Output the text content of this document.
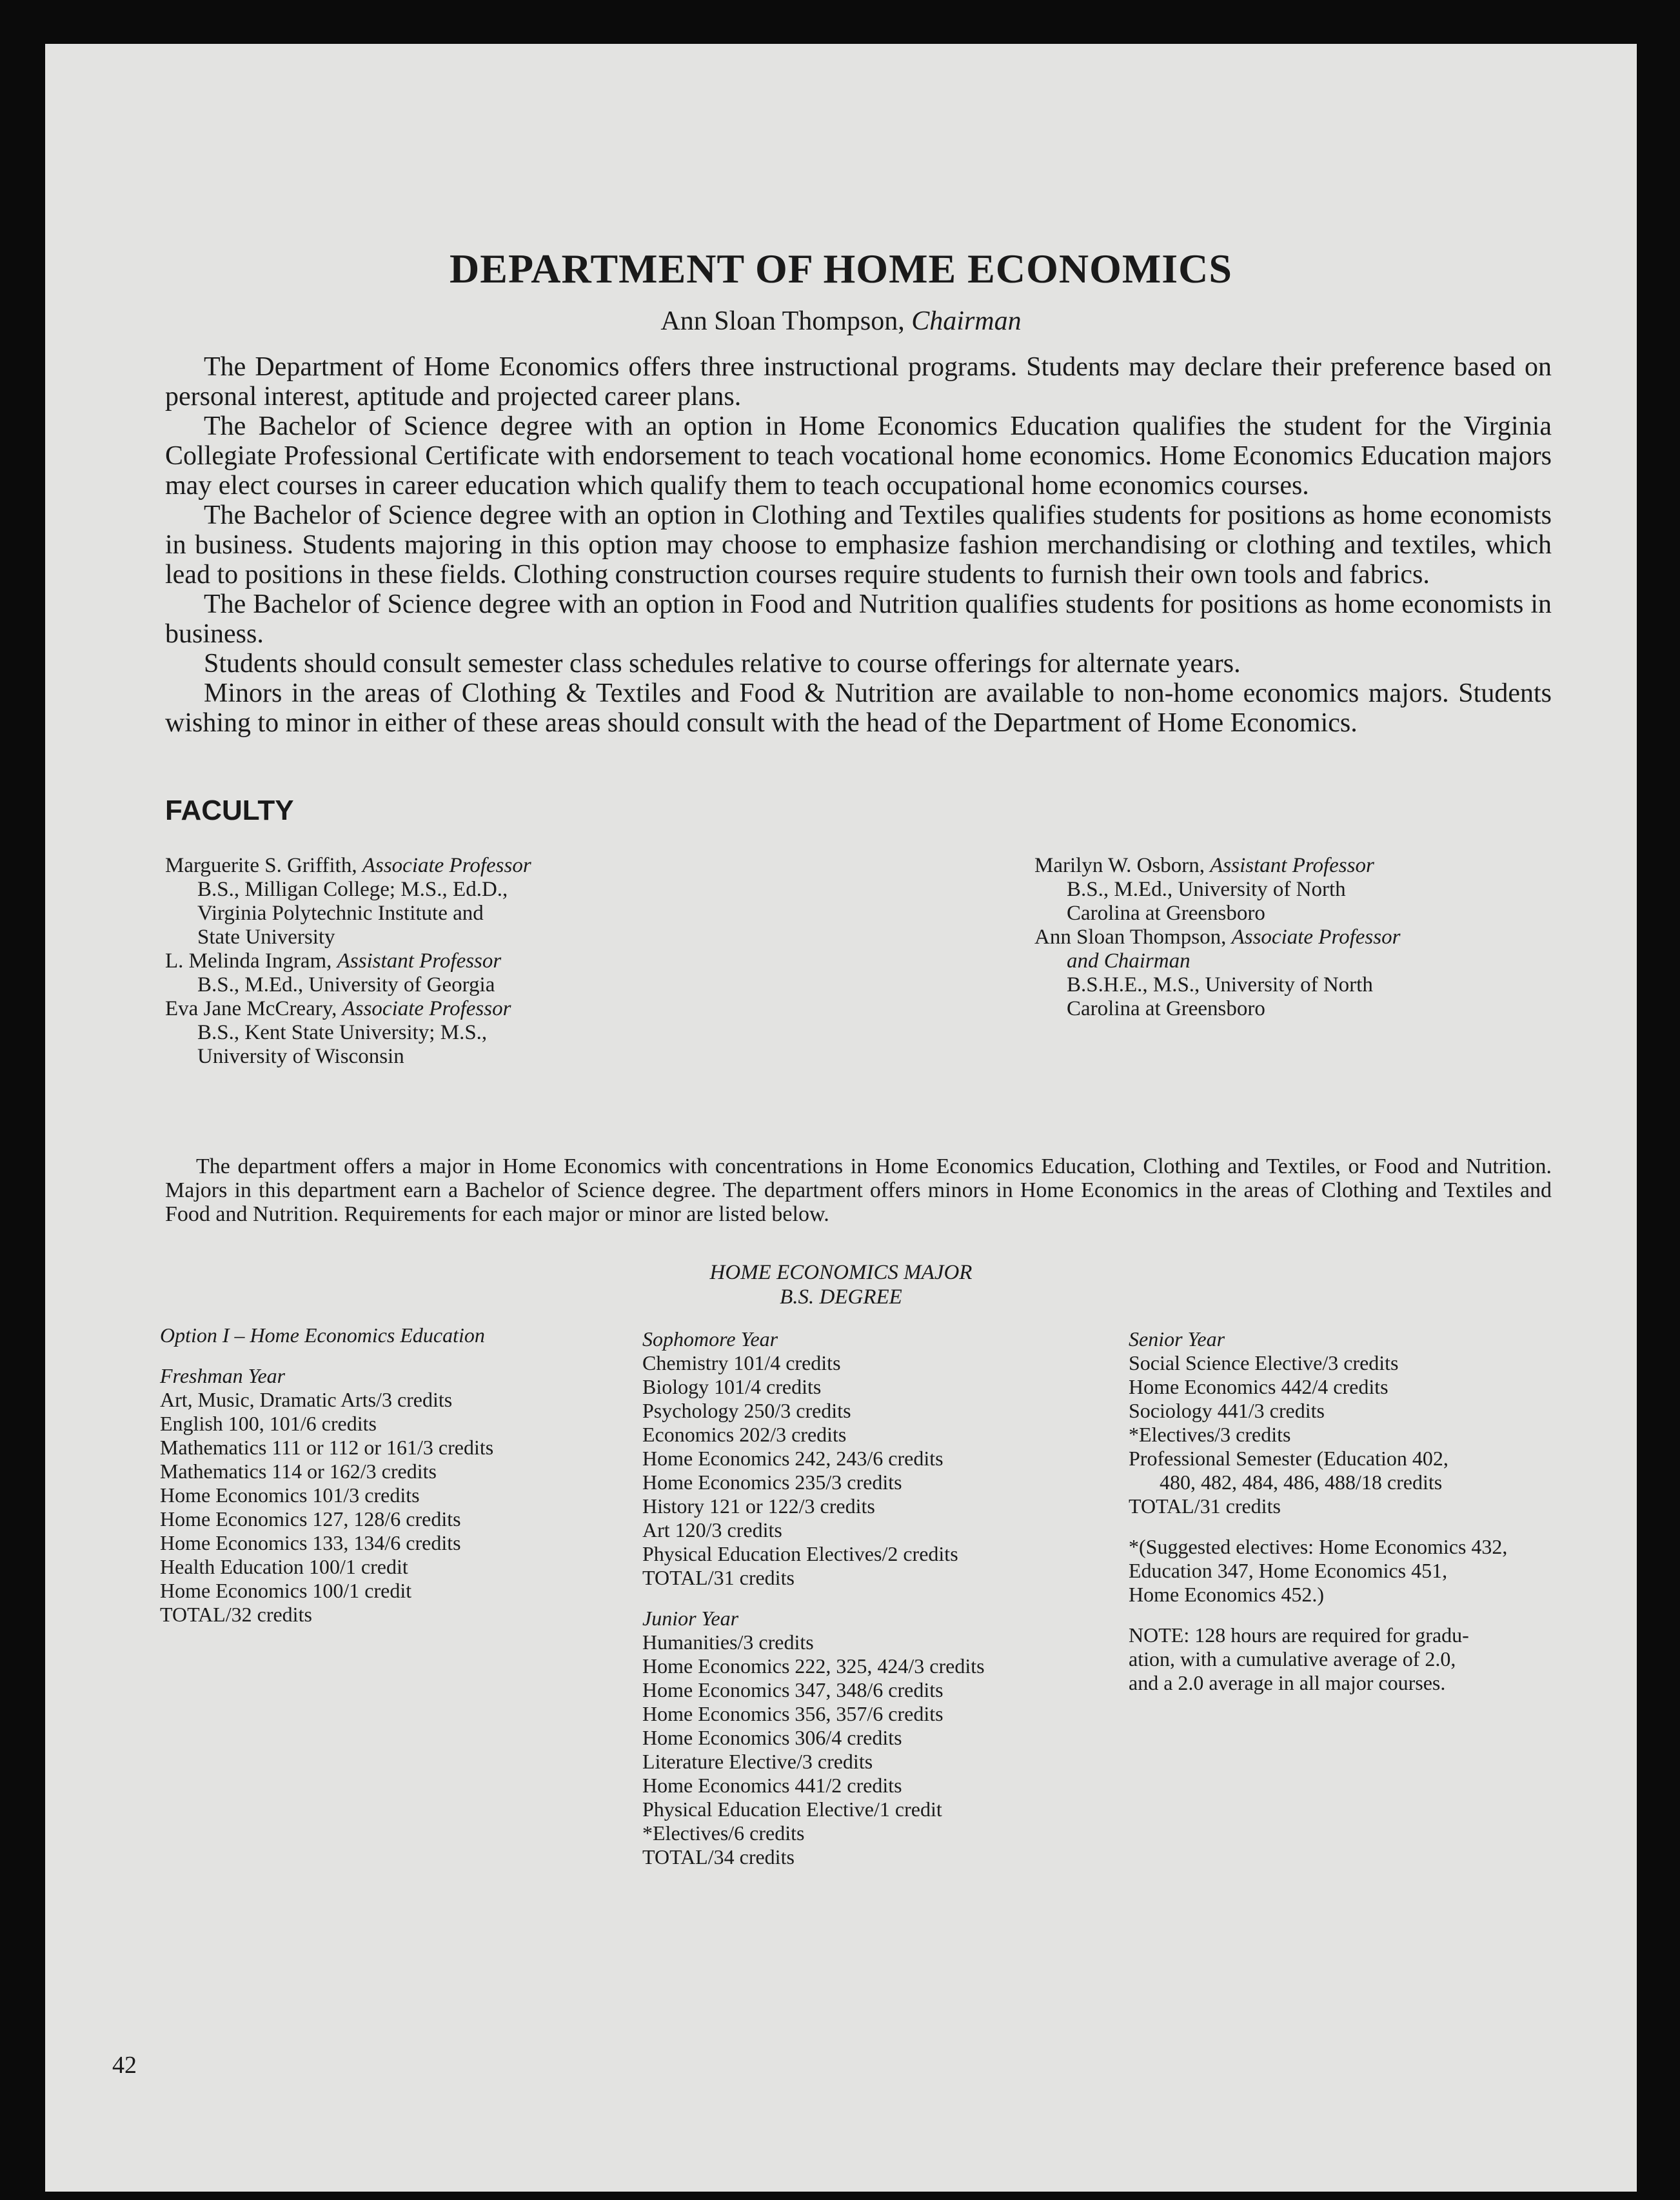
DEPARTMENT OF HOME ECONOMICS
Ann Sloan Thompson, Chairman

The Department of Home Economics offers three instructional programs. Students may declare their preference based on personal interest, aptitude and projected career plans.

The Bachelor of Science degree with an option in Home Economics Education qualifies the student for the Virginia Collegiate Professional Certificate with endorsement to teach vocational home economics. Home Economics Education majors may elect courses in career education which qualify them to teach occupational home economics courses.

The Bachelor of Science degree with an option in Clothing and Textiles qualifies students for positions as home economists in business. Students majoring in this option may choose to emphasize fashion merchandising or clothing and textiles, which lead to positions in these fields. Clothing construction courses require students to furnish their own tools and fabrics.

The Bachelor of Science degree with an option in Food and Nutrition qualifies students for positions as home economists in business.

Students should consult semester class schedules relative to course offerings for alternate years.

Minors in the areas of Clothing & Textiles and Food & Nutrition are available to non-home economics majors. Students wishing to minor in either of these areas should consult with the head of the Department of Home Economics.

FACULTY
Marguerite S. Griffith, Associate Professor
B.S., Milligan College; M.S., Ed.D.,
Virginia Polytechnic Institute and
State University
L. Melinda Ingram, Assistant Professor
B.S., M.Ed., University of Georgia
Eva Jane McCreary, Associate Professor
B.S., Kent State University; M.S.,
University of Wisconsin
Marilyn W. Osborn, Assistant Professor
B.S., M.Ed., University of North
Carolina at Greensboro
Ann Sloan Thompson, Associate Professor
and Chairman
B.S.H.E., M.S., University of North
Carolina at Greensboro

The department offers a major in Home Economics with concentrations in Home Economics Education, Clothing and Textiles, or Food and Nutrition. Majors in this department earn a Bachelor of Science degree. The department offers minors in Home Economics in the areas of Clothing and Textiles and Food and Nutrition. Requirements for each major or minor are listed below.

HOME ECONOMICS MAJOR
B.S. DEGREE
Option I – Home Economics Education
Freshman Year
Art, Music, Dramatic Arts/3 credits
English 100, 101/6 credits
Mathematics 111 or 112 or 161/3 credits
Mathematics 114 or 162/3 credits
Home Economics 101/3 credits
Home Economics 127, 128/6 credits
Home Economics 133, 134/6 credits
Health Education 100/1 credit
Home Economics 100/1 credit
TOTAL/32 credits
Sophomore Year
Chemistry 101/4 credits
Biology 101/4 credits
Psychology 250/3 credits
Economics 202/3 credits
Home Economics 242, 243/6 credits
Home Economics 235/3 credits
History 121 or 122/3 credits
Art 120/3 credits
Physical Education Electives/2 credits
TOTAL/31 credits
Junior Year
Humanities/3 credits
Home Economics 222, 325, 424/3 credits
Home Economics 347, 348/6 credits
Home Economics 356, 357/6 credits
Home Economics 306/4 credits
Literature Elective/3 credits
Home Economics 441/2 credits
Physical Education Elective/1 credit
*Electives/6 credits
TOTAL/34 credits
Senior Year
Social Science Elective/3 credits
Home Economics 442/4 credits
Sociology 441/3 credits
*Electives/3 credits
Professional Semester (Education 402,
480, 482, 484, 486, 488/18 credits
TOTAL/31 credits
*(Suggested electives: Home Economics 432,
Education 347, Home Economics 451,
Home Economics 452.)
NOTE: 128 hours are required for gradu-
ation, with a cumulative average of 2.0,
and a 2.0 average in all major courses.
42
